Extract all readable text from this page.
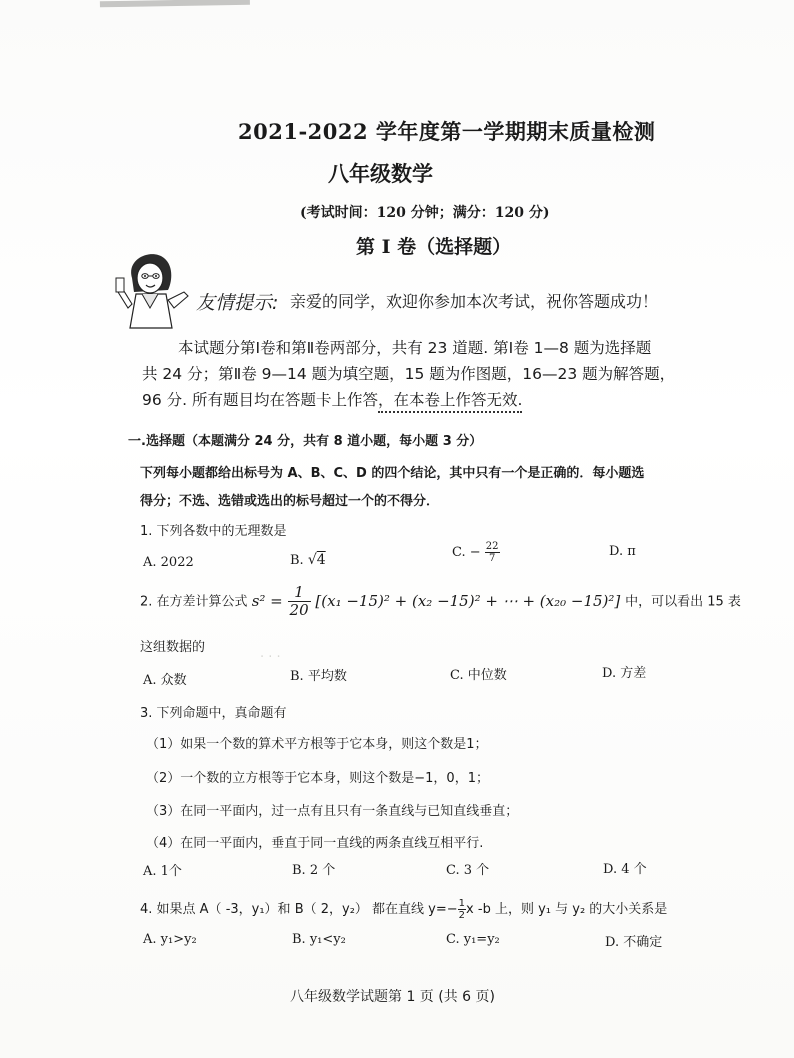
2021-2022 学年度第一学期期末质量检测
八年级数学
(考试时间：120 分钟；满分：120 分)
第 Ⅰ 卷（选择题）
友情提示: 亲爱的同学，欢迎你参加本次考试，祝你答题成功！
本试题分第Ⅰ卷和第Ⅱ卷两部分，共有 23 道题. 第Ⅰ卷 1—8 题为选择题
共 24 分；第Ⅱ卷 9—14 题为填空题，15 题为作图题，16—23 题为解答题，
96 分. 所有题目均在答题卡上作答，在本卷上作答无效.
一.选择题（本题满分 24 分，共有 8 道小题，每小题 3 分）
下列每小题都给出标号为 A、B、C、D 的四个结论，其中只有一个是正确的．每小题选
得分；不选、选错或选出的标号超过一个的不得分．
1. 下列各数中的无理数是
A. 2022	B. √4	C. − $\frac{22}{7}$	D. π
2. 在方差计算公式 $s^2 = \frac{1}{20} [(x_1 -15)^2 + (x_2 -15)^2$ + ⋯ + (x₂₀ −15)²] 中，可以看出 15 表
这组数据的
· · ·
A. 众数	B. 平均数	C. 中位数	D. 方差
3. 下列命题中，真命题有
（1）如果一个数的算术平方根等于它本身，则这个数是1；
（2）一个数的立方根等于它本身，则这个数是−1，0，1；
（3）在同一平面内，过一点有且只有一条直线与已知直线垂直；
（4）在同一平面内，垂直于同一直线的两条直线互相平行.
A. 1个	B. 2 个	C. 3 个	D. 4 个
4. 如果点 A（ -3，y₁）和 B（ 2，y₂） 都在直线 $y=- \frac{1}{2}$ x -b 上，则 y₁ 与 y₂ 的大小关系是
A. y₁>y₂	B. y₁<y₂	C. y₁=y₂	D. 不确定
八年级数学试题第 1 页 (共 6 页)
